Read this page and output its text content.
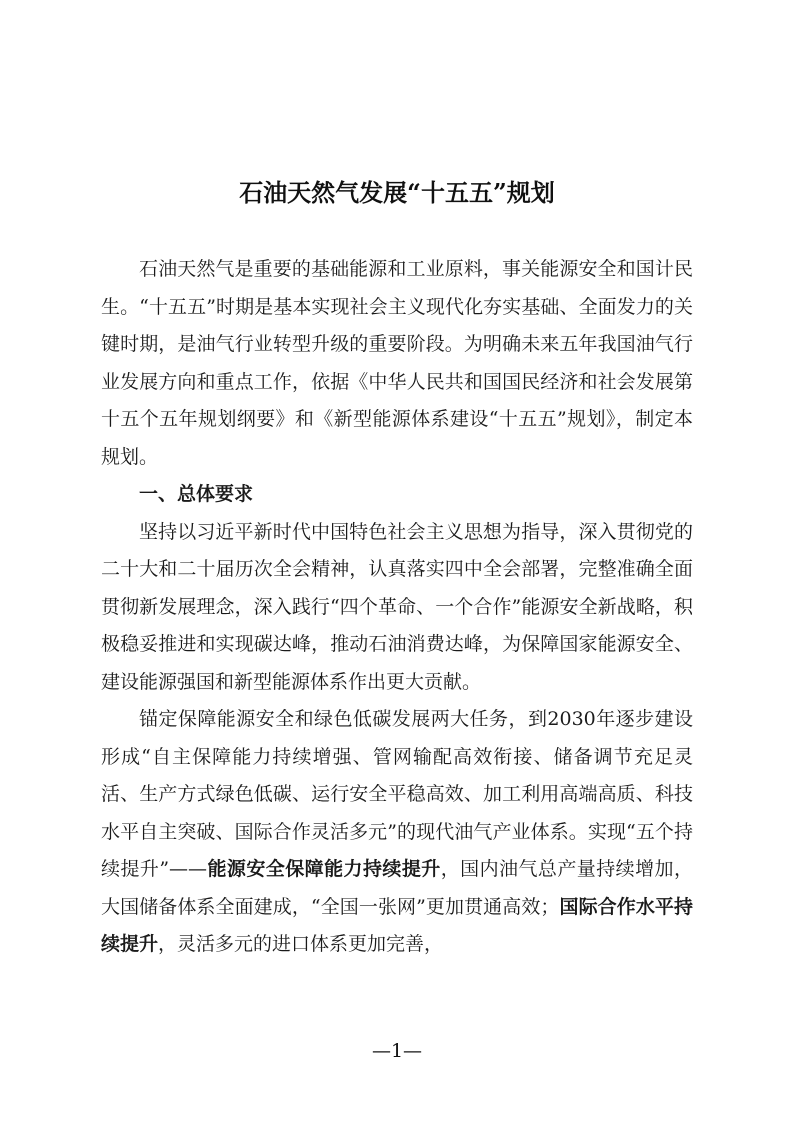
石油天然气发展“十五五”规划

石油天然气是重要的基础能源和工业原料，事关能源安全和国计民生。“十五五”时期是基本实现社会主义现代化夯实基础、全面发力的关键时期，是油气行业转型升级的重要阶段。为明确未来五年我国油气行业发展方向和重点工作，依据《中华人民共和国国民经济和社会发展第十五个五年规划纲要》和《新型能源体系建设“十五五”规划》，制定本规划。

一、总体要求

坚持以习近平新时代中国特色社会主义思想为指导，深入贯彻党的二十大和二十届历次全会精神，认真落实四中全会部署，完整准确全面贯彻新发展理念，深入践行“四个革命、一个合作”能源安全新战略，积极稳妥推进和实现碳达峰，推动石油消费达峰，为保障国家能源安全、建设能源强国和新型能源体系作出更大贡献。

锚定保障能源安全和绿色低碳发展两大任务，到2030年逐步建设形成“自主保障能力持续增强、管网输配高效衔接、储备调节充足灵活、生产方式绿色低碳、运行安全平稳高效、加工利用高端高质、科技水平自主突破、国际合作灵活多元”的现代油气产业体系。实现“五个持续提升”——能源安全保障能力持续提升，国内油气总产量持续增加，大国储备体系全面建成，“全国一张网”更加贯通高效；国际合作水平持续提升，灵活多元的进口体系更加完善，

—1—
